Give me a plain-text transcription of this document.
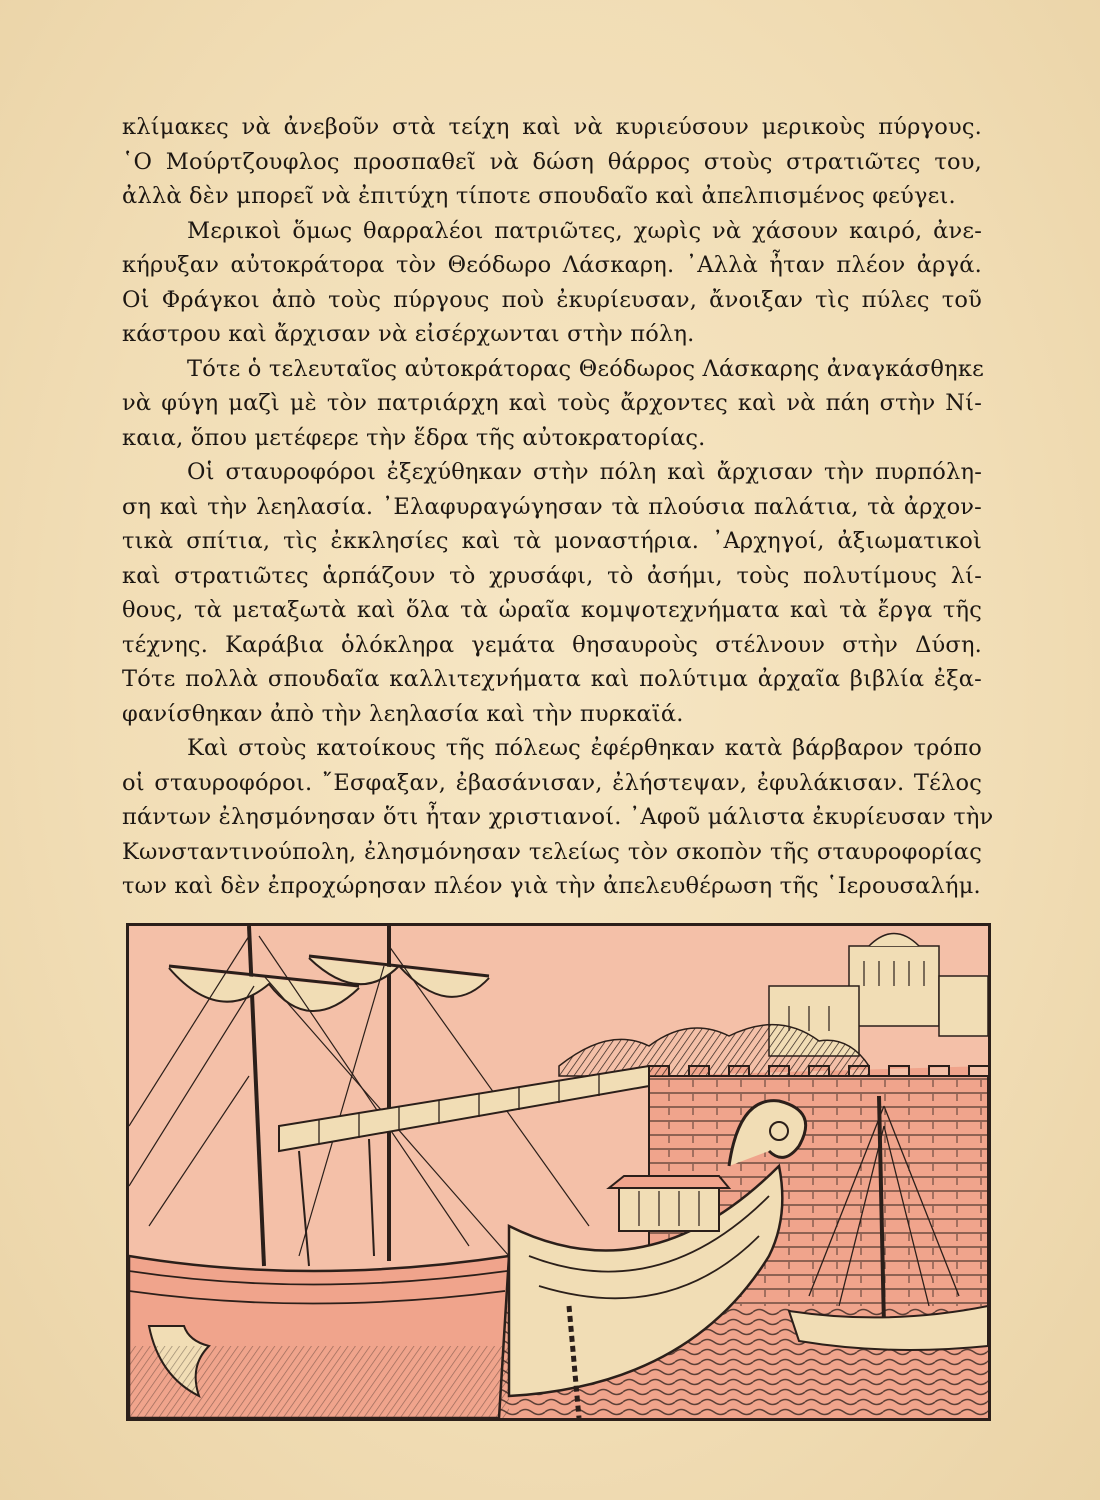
κλίμακες νὰ ἀνεβοῦν στὰ τείχη καὶ νὰ κυριεύσουν μερικοὺς πύργους.
῾Ο Μούρτζουφλος προσπαθεῖ νὰ δώση θάρρος στοὺς στρατιῶτες του,
ἀλλὰ δὲν μπορεῖ νὰ ἐπιτύχη τίποτε σπουδαῖο καὶ ἀπελπισμένος φεύγει.

Μερικοὶ ὅμως θαρραλέοι πατριῶτες, χωρὶς νὰ χάσουν καιρό, ἀνε-
κήρυξαν αὐτοκράτορα τὸν Θεόδωρο Λάσκαρη. ᾿Αλλὰ ἦταν πλέον ἀργά.
Οἱ Φράγκοι ἀπὸ τοὺς πύργους ποὺ ἐκυρίευσαν, ἄνοιξαν τὶς πύλες τοῦ
κάστρου καὶ ἄρχισαν νὰ εἰσέρχωνται στὴν πόλη.

Τότε ὁ τελευταῖος αὐτοκράτορας Θεόδωρος Λάσκαρης ἀναγκάσθηκε
νὰ φύγη μαζὶ μὲ τὸν πατριάρχη καὶ τοὺς ἄρχοντες καὶ νὰ πάη στὴν Νί-
καια, ὅπου μετέφερε τὴν ἕδρα τῆς αὐτοκρατορίας.

Οἱ σταυροφόροι ἐξεχύθηκαν στὴν πόλη καὶ ἄρχισαν τὴν πυρπόλη-
ση καὶ τὴν λεηλασία. ᾿Ελαφυραγώγησαν τὰ πλούσια παλάτια, τὰ ἀρχον-
τικὰ σπίτια, τὶς ἐκκλησίες καὶ τὰ μοναστήρια. ᾿Αρχηγοί, ἀξιωματικοὶ
καὶ στρατιῶτες ἁρπάζουν τὸ χρυσάφι, τὸ ἀσήμι, τοὺς πολυτίμους λί-
θους, τὰ μεταξωτὰ καὶ ὅλα τὰ ὡραῖα κομψοτεχνήματα καὶ τὰ ἔργα τῆς
τέχνης. Καράβια ὁλόκληρα γεμάτα θησαυροὺς στέλνουν στὴν Δύση.
Τότε πολλὰ σπουδαῖα καλλιτεχνήματα καὶ πολύτιμα ἀρχαῖα βιβλία ἐξα-
φανίσθηκαν ἀπὸ τὴν λεηλασία καὶ τὴν πυρκαϊά.

Καὶ στοὺς κατοίκους τῆς πόλεως ἐφέρθηκαν κατὰ βάρβαρον τρόπο
οἱ σταυροφόροι. ῎Εσφαξαν, ἐβασάνισαν, ἐλήστεψαν, ἐφυλάκισαν. Τέλος
πάντων ἐλησμόνησαν ὅτι ἦταν χριστιανοί. ᾿Αφοῦ μάλιστα ἐκυρίευσαν τὴν
Κωνσταντινούπολη, ἐλησμόνησαν τελείως τὸν σκοπὸν τῆς σταυροφορίας
των καὶ δὲν ἐπροχώρησαν πλέον γιὰ τὴν ἀπελευθέρωση τῆς ῾Ιερουσαλήμ.
